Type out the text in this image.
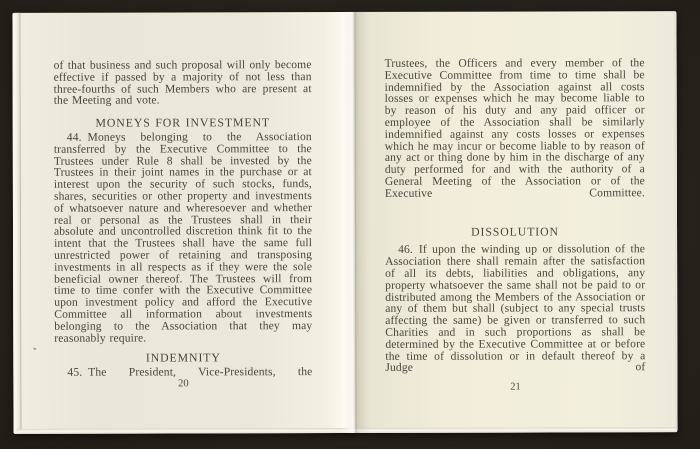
of that business and such proposal will only become effective if passed by a majority of not less than three-fourths of such Members who are present at the Meeting and vote.

MONEYS FOR INVESTMENT

44. Moneys belonging to the Association transferred by the Executive Committee to the Trustees under Rule 8 shall be invested by the Trustees in their joint names in the purchase or at interest upon the security of such stocks, funds, shares, securities or other property and investments of whatsoever nature and wheresoever and whether real or personal as the Trustees shall in their absolute and uncontrolled discretion think fit to the intent that the Trustees shall have the same full unrestricted power of retaining and transposing investments in all respects as if they were the sole beneficial owner thereof. The Trustees will from time to time confer with the Executive Committee upon investment policy and afford the Executive Committee all information about investments belonging to the Association that they may reasonably require.

INDEMNITY

45. The President, Vice-Presidents, the

20

Trustees, the Officers and every member of the Executive Committee from time to time shall be indemnified by the Association against all costs losses or expenses which he may become liable to by reason of his duty and any paid officer or employee of the Association shall be similarly indemnified against any costs losses or expenses which he may incur or become liable to by reason of any act or thing done by him in the discharge of any duty performed for and with the authority of a General Meeting of the Association or of the Executive Committee.

DISSOLUTION

46. If upon the winding up or dissolution of the Association there shall remain after the satisfaction of all its debts, liabilities and obligations, any property whatsoever the same shall not be paid to or distributed among the Members of the Association or any of them but shall (subject to any special trusts affecting the same) be given or transferred to such Charities and in such proportions as shall be determined by the Executive Committee at or before the time of dissolution or in default thereof by a Judge of

21
